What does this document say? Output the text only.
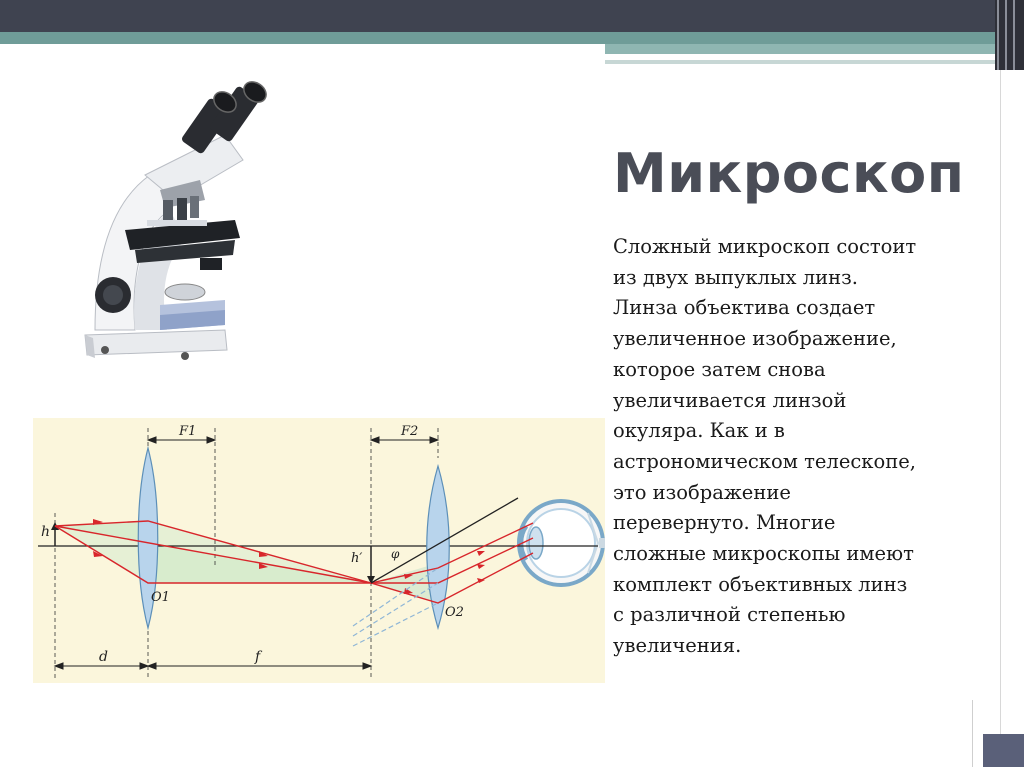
Микроскоп
Сложный микроскоп состоит
из двух выпуклых линз.
Линза объектива создает
увеличенное изображение,
которое затем снова
увеличивается линзой
окуляра. Как и в
астрономическом телескопе,
это изображение
перевернуто. Многие
сложные микроскопы имеют
комплект объективных линз
с различной степенью
увеличения.
h
h′
F1	F2
O1
O2
d	f
φ
